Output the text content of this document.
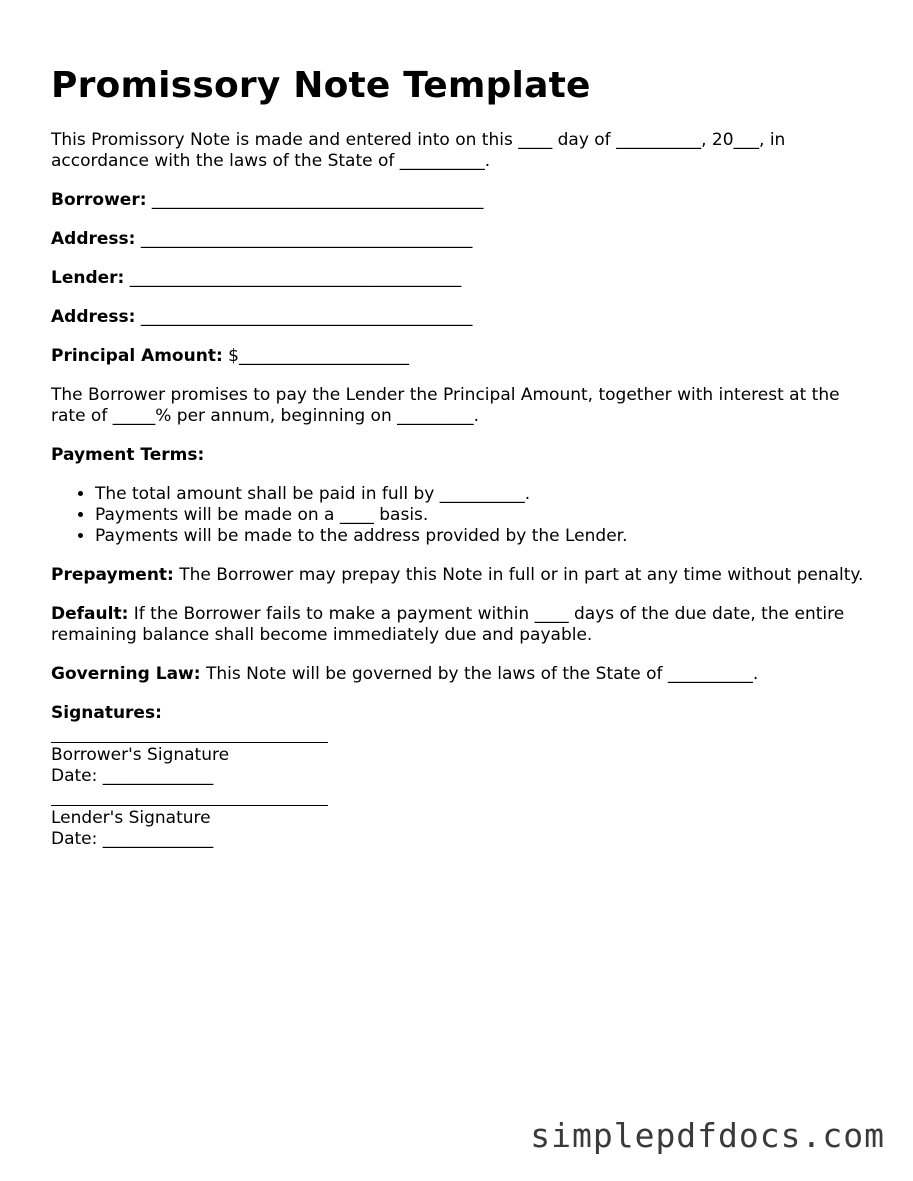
Promissory Note Template

This Promissory Note is made and entered into on this ____ day of __________, 20___, in accordance with the laws of the State of __________.

Borrower: _______________________________________
Address: _______________________________________
Lender: _______________________________________
Address: _______________________________________
Principal Amount: $____________________

The Borrower promises to pay the Lender the Principal Amount, together with interest at the rate of _____% per annum, beginning on _________.

Payment Terms:

• The total amount shall be paid in full by __________.
• Payments will be made on a ____ basis.
• Payments will be made to the address provided by the Lender.

Prepayment: The Borrower may prepay this Note in full or in part at any time without penalty.

Default: If the Borrower fails to make a payment within ____ days of the due date, the entire remaining balance shall become immediately due and payable.

Governing Law: This Note will be governed by the laws of the State of __________.

Signatures:

Borrower's Signature
Date: _____________
Lender's Signature
Date: _____________
simplepdfdocs.com
